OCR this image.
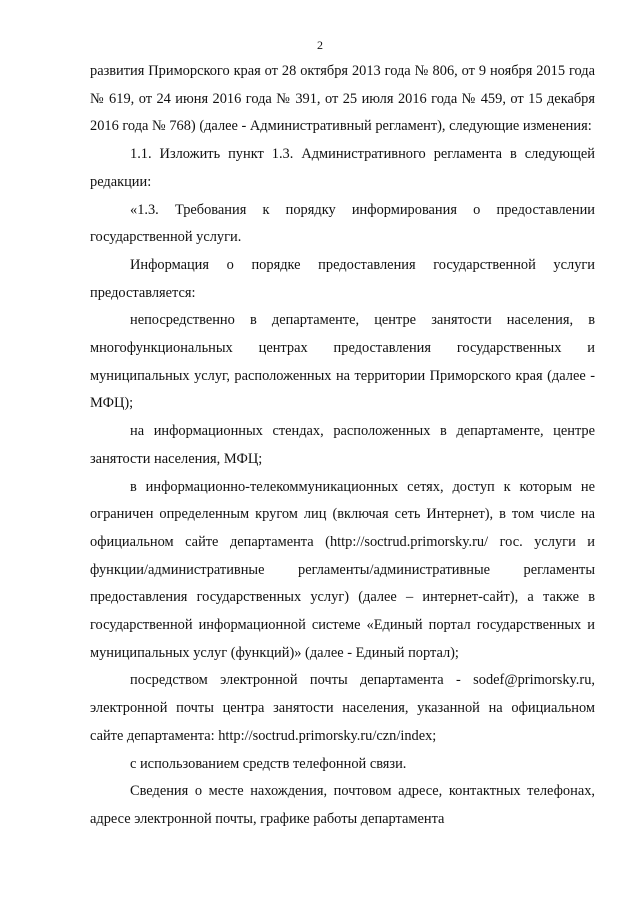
2

развития Приморского края от 28 октября 2013 года № 806, от 9 ноября 2015 года № 619, от 24 июня 2016 года № 391, от 25 июля 2016 года № 459, от 15 декабря 2016 года № 768) (далее - Административный регламент), следующие изменения:

1.1. Изложить пункт 1.3. Административного регламента в следующей редакции:

«1.3. Требования к порядку информирования о предоставлении государственной услуги.

Информация о порядке предоставления государственной услуги предоставляется:

непосредственно в департаменте, центре занятости населения, в многофункциональных центрах предоставления государственных и муниципальных услуг, расположенных на территории Приморского края (далее - МФЦ);

на информационных стендах, расположенных в департаменте, центре занятости населения, МФЦ;

в информационно-телекоммуникационных сетях, доступ к которым не ограничен определенным кругом лиц (включая сеть Интернет), в том числе на официальном сайте департамента (http://soctrud.primorsky.ru/ гос. услуги и функции/административные регламенты/административные регламенты предоставления государственных услуг) (далее – интернет-сайт), а также в государственной информационной системе «Единый портал государственных и муниципальных услуг (функций)» (далее - Единый портал);

посредством электронной почты департамента - sodef@primorsky.ru, электронной почты центра занятости населения, указанной на официальном сайте департамента: http://soctrud.primorsky.ru/czn/index;

с использованием средств телефонной связи.

Сведения о месте нахождения, почтовом адресе, контактных телефонах, адресе электронной почты, графике работы департамента
